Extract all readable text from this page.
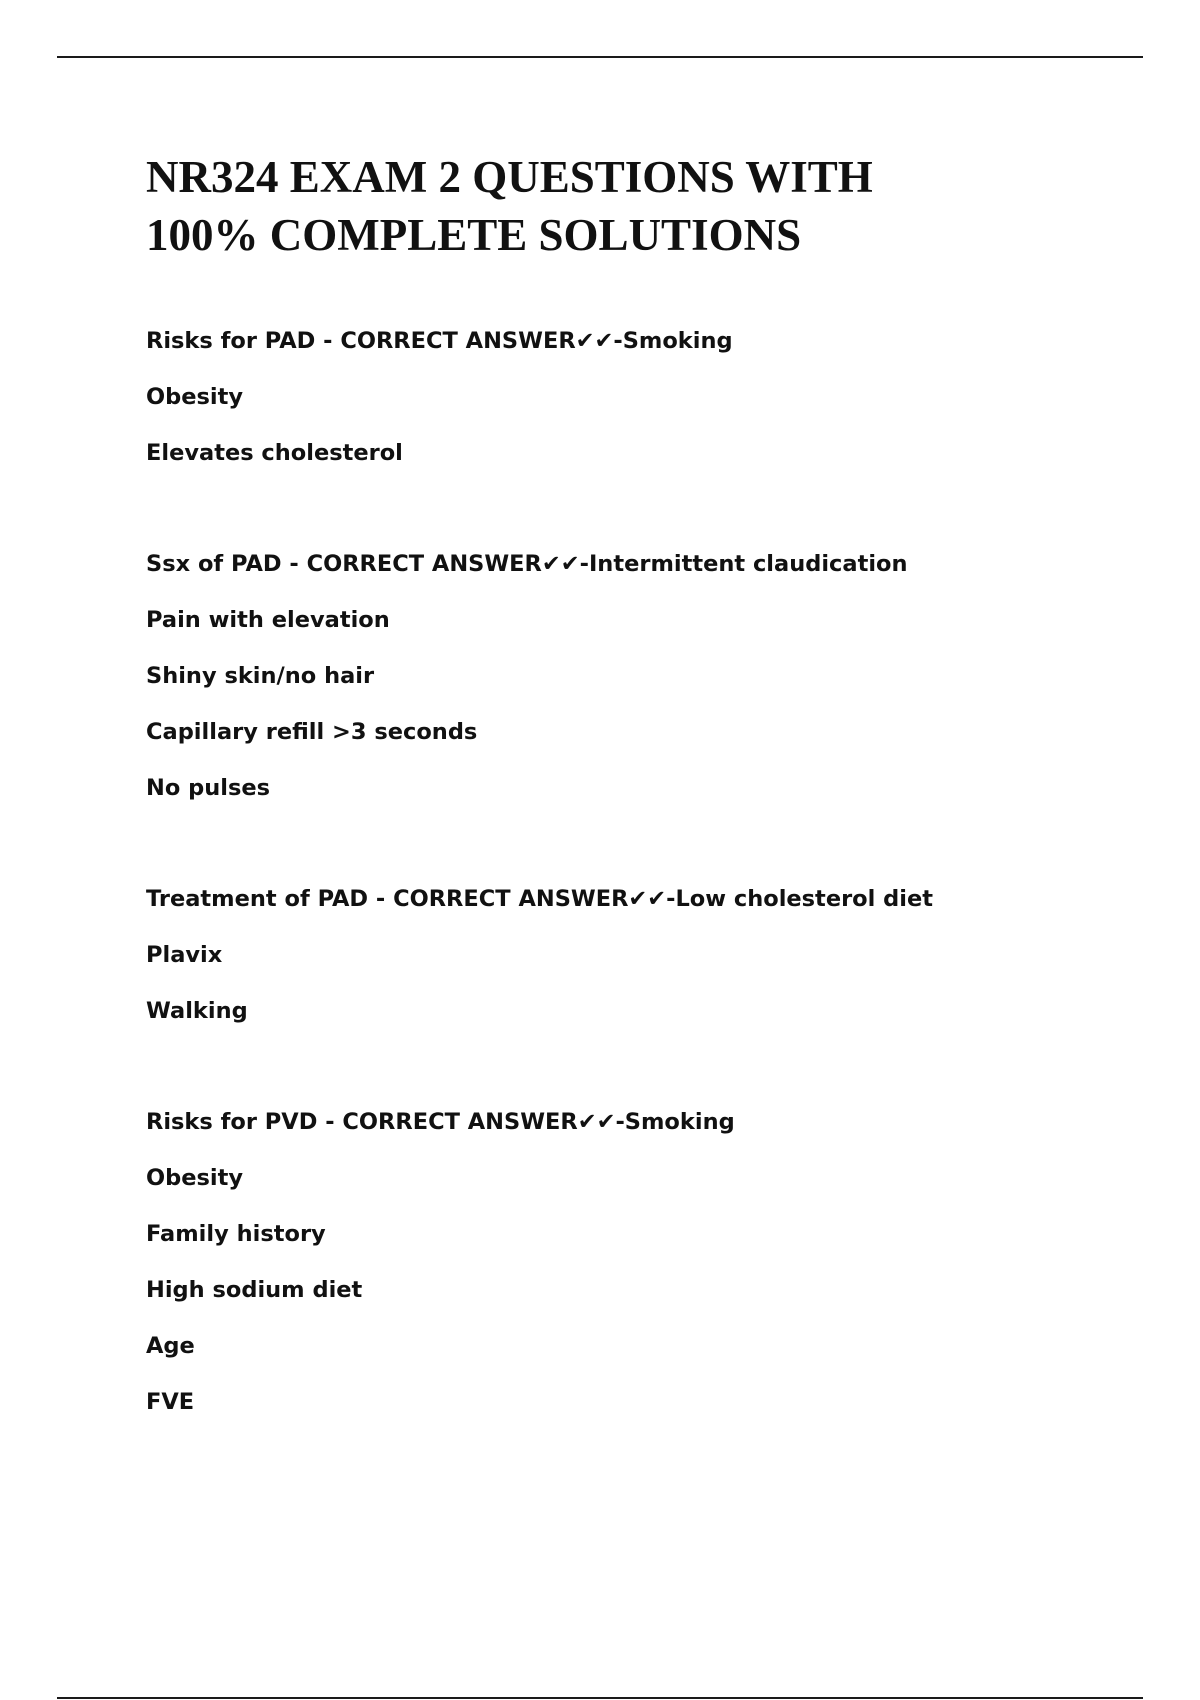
NR324 EXAM 2 QUESTIONS WITH
100% COMPLETE SOLUTIONS
Risks for PAD - CORRECT ANSWER✔✔-Smoking
Obesity
Elevates cholesterol
Ssx of PAD - CORRECT ANSWER✔✔-Intermittent claudication
Pain with elevation
Shiny skin/no hair
Capillary refill >3 seconds
No pulses
Treatment of PAD - CORRECT ANSWER✔✔-Low cholesterol diet
Plavix
Walking
Risks for PVD - CORRECT ANSWER✔✔-Smoking
Obesity
Family history
High sodium diet
Age
FVE
